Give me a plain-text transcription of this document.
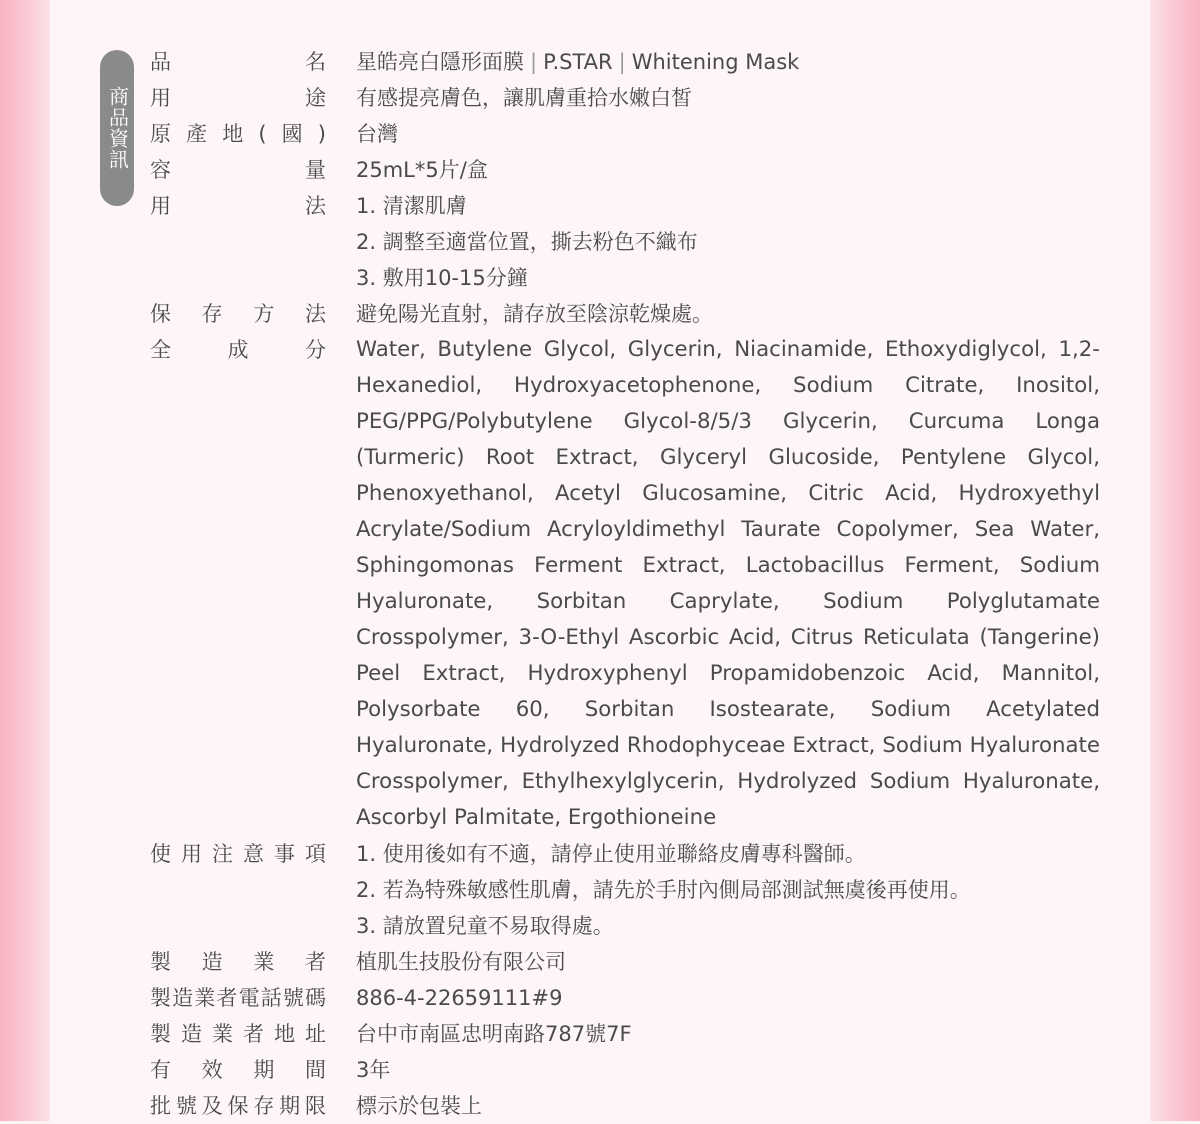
商品資訊
品名 星皓亮白隱形面膜 | P.STAR | Whitening Mask
用途 有感提亮膚色，讓肌膚重拾水嫩白皙
原產地(國) 台灣
容量 25mL*5片/盒
用法 1. 清潔肌膚

2. 調整至適當位置，撕去粉色不織布

3. 敷用10-15分鐘

保存方法 避免陽光直射，請存放至陰涼乾燥處。
全成分 Water, Butylene Glycol, Glycerin, Niacinamide, Ethoxydiglycol, 1,2-Hexanediol, Hydroxyacetophenone, Sodium Citrate, Inositol, PEG/PPG/Polybutylene Glycol-8/5/3 Glycerin, Curcuma Longa (Turmeric) Root Extract, Glyceryl Glucoside, Pentylene Glycol, Phenoxyethanol, Acetyl Glucosamine, Citric Acid, Hydroxyethyl Acrylate/Sodium Acryloyldimethyl Taurate Copolymer, Sea Water, Sphingomonas Ferment Extract, Lactobacillus Ferment, Sodium Hyaluronate, Sorbitan Caprylate, Sodium Polyglutamate Crosspolymer, 3-O-Ethyl Ascorbic Acid, Citrus Reticulata (Tangerine) Peel Extract, Hydroxyphenyl Propamidobenzoic Acid, Mannitol, Polysorbate 60, Sorbitan Isostearate, Sodium Acetylated Hyaluronate, Hydrolyzed Rhodophyceae Extract, Sodium Hyaluronate Crosspolymer, Ethylhexylglycerin, Hydrolyzed Sodium Hyaluronate, Ascorbyl Palmitate, Ergothioneine
使用注意事項 1. 使用後如有不適，請停止使用並聯絡皮膚專科醫師。

2. 若為特殊敏感性肌膚，請先於手肘內側局部測試無虞後再使用。

3. 請放置兒童不易取得處。

製造業者 植肌生技股份有限公司
製造業者電話號碼 886-4-22659111#9
製造業者地址 台中市南區忠明南路787號7F
有效期間 3年
批號及保存期限 標示於包裝上
